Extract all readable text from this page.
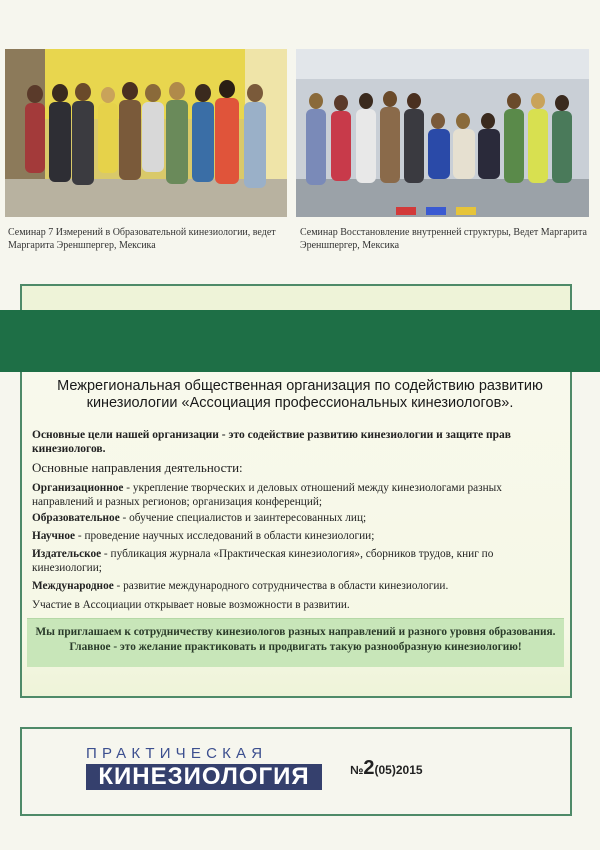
Семинар 7 Измерений в Образовательной кинезиологии, ведет Маргарита Эреншпергер, Мексика
Семинар Восстановление внутренней структуры, Ведет Маргарита Эреншпергер, Мексика
Межрегиональная общественная организация по содействию развитию кинезиологии «Ассоциация профессиональных кинезиологов».
Основные цели нашей организации - это содействие развитию кинезиологии и защите прав кинезиологов.
Основные направления деятельности:
Организационное - укрепление творческих и деловых отношений между кинезиологами разных направлений и разных регионов; организация конференций;
Образовательное - обучение специалистов и заинтересованных лиц;
Научное - проведение научных исследований в области кинезиологии;
Издательское - публикация журнала «Практическая кинезиология», сборников трудов, книг по кинезиологии;
Международное - развитие международного сотрудничества в области кинезиологии.
Участие в Ассоциации открывает новые возможности в развитии.
Мы приглашаем к сотрудничеству кинезиологов разных направлений и разного уровня образования.
Главное - это желание практиковать и продвигать такую разнообразную кинезиологию!
ПРАКТИЧЕСКАЯ
КИНЕЗИОЛОГИЯ	№2(05)2015
